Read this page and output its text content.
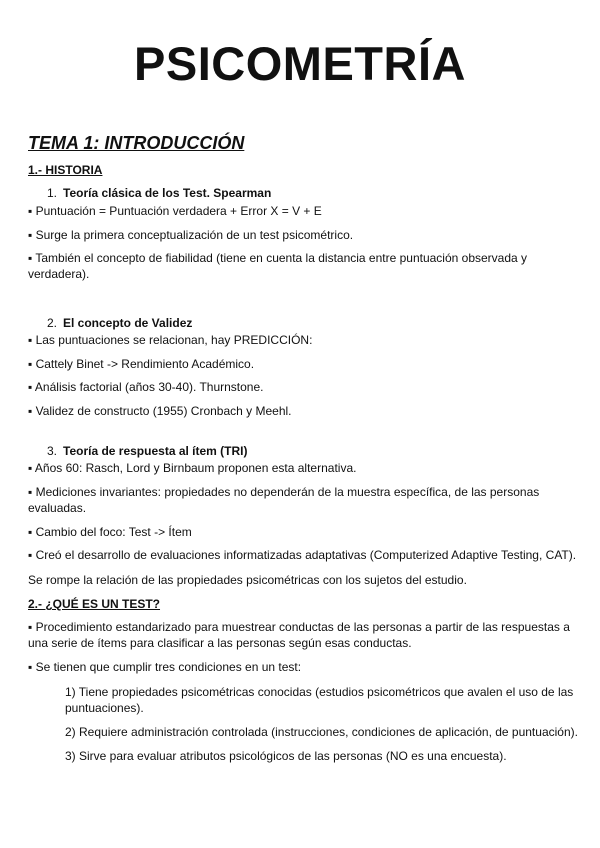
PSICOMETRÍA
TEMA 1: INTRODUCCIÓN
1.- HISTORIA
1. Teoría clásica de los Test. Spearman
▪ Puntuación = Puntuación verdadera + Error X = V + E
▪ Surge la primera conceptualización de un test psicométrico.
▪ También el concepto de fiabilidad (tiene en cuenta la distancia entre puntuación observada y verdadera).
2. El concepto de Validez
▪ Las puntuaciones se relacionan, hay PREDICCIÓN:
▪ Cattely Binet -> Rendimiento Académico.
▪ Análisis factorial (años 30-40). Thurnstone.
▪ Validez de constructo (1955) Cronbach y Meehl.
3. Teoría de respuesta al ítem (TRI)
▪ Años 60: Rasch, Lord y Birnbaum proponen esta alternativa.
▪ Mediciones invariantes: propiedades no dependerán de la muestra específica, de las personas evaluadas.
▪ Cambio del foco: Test -> Ítem
▪ Creó el desarrollo de evaluaciones informatizadas adaptativas (Computerized Adaptive Testing, CAT).
Se rompe la relación de las propiedades psicométricas con los sujetos del estudio.
2.- ¿QUÉ ES UN TEST?
▪ Procedimiento estandarizado para muestrear conductas de las personas a partir de las respuestas a una serie de ítems para clasificar a las personas según esas conductas.
▪ Se tienen que cumplir tres condiciones en un test:
1) Tiene propiedades psicométricas conocidas (estudios psicométricos que avalen el uso de las puntuaciones).
2) Requiere administración controlada (instrucciones, condiciones de aplicación, de puntuación).
3) Sirve para evaluar atributos psicológicos de las personas (NO es una encuesta).
